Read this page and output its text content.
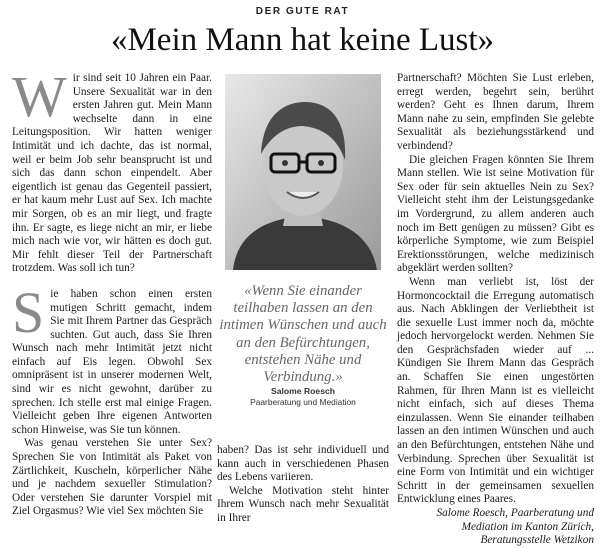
DER GUTE RAT
«Mein Mann hat keine Lust»

Wir sind seit 10 Jahren ein Paar. Unsere Sexualität war in den ersten Jahren gut. Mein Mann wechselte dann in eine Leitungsposition. Wir hatten weniger Intimität und ich dachte, das ist normal, weil er beim Job sehr beansprucht ist und sich das dann schon einpendelt. Aber eigentlich ist genau das Gegenteil passiert, er hat kaum mehr Lust auf Sex. Ich machte mir Sorgen, ob es an mir liegt, und fragte ihn. Er sagte, es liege nicht an mir, er liebe mich nach wie vor, wir hätten es doch gut. Mir fehlt dieser Teil der Partnerschaft trotzdem. Was soll ich tun?

Sie haben schon einen ersten mutigen Schritt gemacht, indem Sie mit Ihrem Partner das Gespräch suchten. Gut auch, dass Sie Ihren Wunsch nach mehr Intimität jetzt nicht einfach auf Eis legen. Obwohl Sex omnipräsent ist in unserer modernen Welt, sind wir es nicht gewohnt, darüber zu sprechen. Ich stelle erst mal einige Fragen. Vielleicht geben Ihre eigenen Antworten schon Hinweise, was Sie tun können.

Was genau verstehen Sie unter Sex? Sprechen Sie von Intimität als Paket von Zärtlichkeit, Kuscheln, körperlicher Nähe und je nachdem sexueller Stimulation? Oder verstehen Sie darunter Vorspiel mit Ziel Orgasmus? Wie viel Sex möchten Sie

«Wenn Sie einander teilhaben lassen an den intimen Wünschen und auch an den Befürchtungen, entstehen Nähe und Verbindung.»
Salome Roesch
Paarberatung und Mediation

haben? Das ist sehr individuell und kann auch in verschiedenen Phasen des Lebens variieren.

Welche Motivation steht hinter Ihrem Wunsch nach mehr Sexualität in Ihrer

Partnerschaft? Möchten Sie Lust erleben, erregt werden, begehrt sein, berührt werden? Geht es Ihnen darum, Ihrem Mann nahe zu sein, empfinden Sie gelebte Sexualität als beziehungsstärkend und verbindend?

Die gleichen Fragen könnten Sie Ihrem Mann stellen. Wie ist seine Motivation für Sex oder für sein aktuelles Nein zu Sex? Vielleicht steht ihm der Leistungsgedanke im Vordergrund, zu allem anderen auch noch im Bett genügen zu müssen? Gibt es körperliche Symptome, wie zum Beispiel Erektionsstörungen, welche medizinisch abgeklärt werden sollten?

Wenn man verliebt ist, löst der Hormoncocktail die Erregung automatisch aus. Nach Abklingen der Verliebtheit ist die sexuelle Lust immer noch da, möchte jedoch hervorgelockt werden. Nehmen Sie den Gesprächsfaden wieder auf ... Kündigen Sie Ihrem Mann das Gespräch an. Schaffen Sie einen ungestörten Rahmen, für Ihren Mann ist es vielleicht nicht einfach, sich auf dieses Thema einzulassen. Wenn Sie einander teilhaben lassen an den intimen Wünschen und auch an den Befürchtungen, entstehen Nähe und Verbindung. Sprechen über Sexualität ist eine Form von Intimität und ein wichtiger Schritt in der gemeinsamen sexuellen Entwicklung eines Paares.

Salome Roesch, Paarberatung und Mediation im Kanton Zürich, Beratungsstelle Wetzikon
